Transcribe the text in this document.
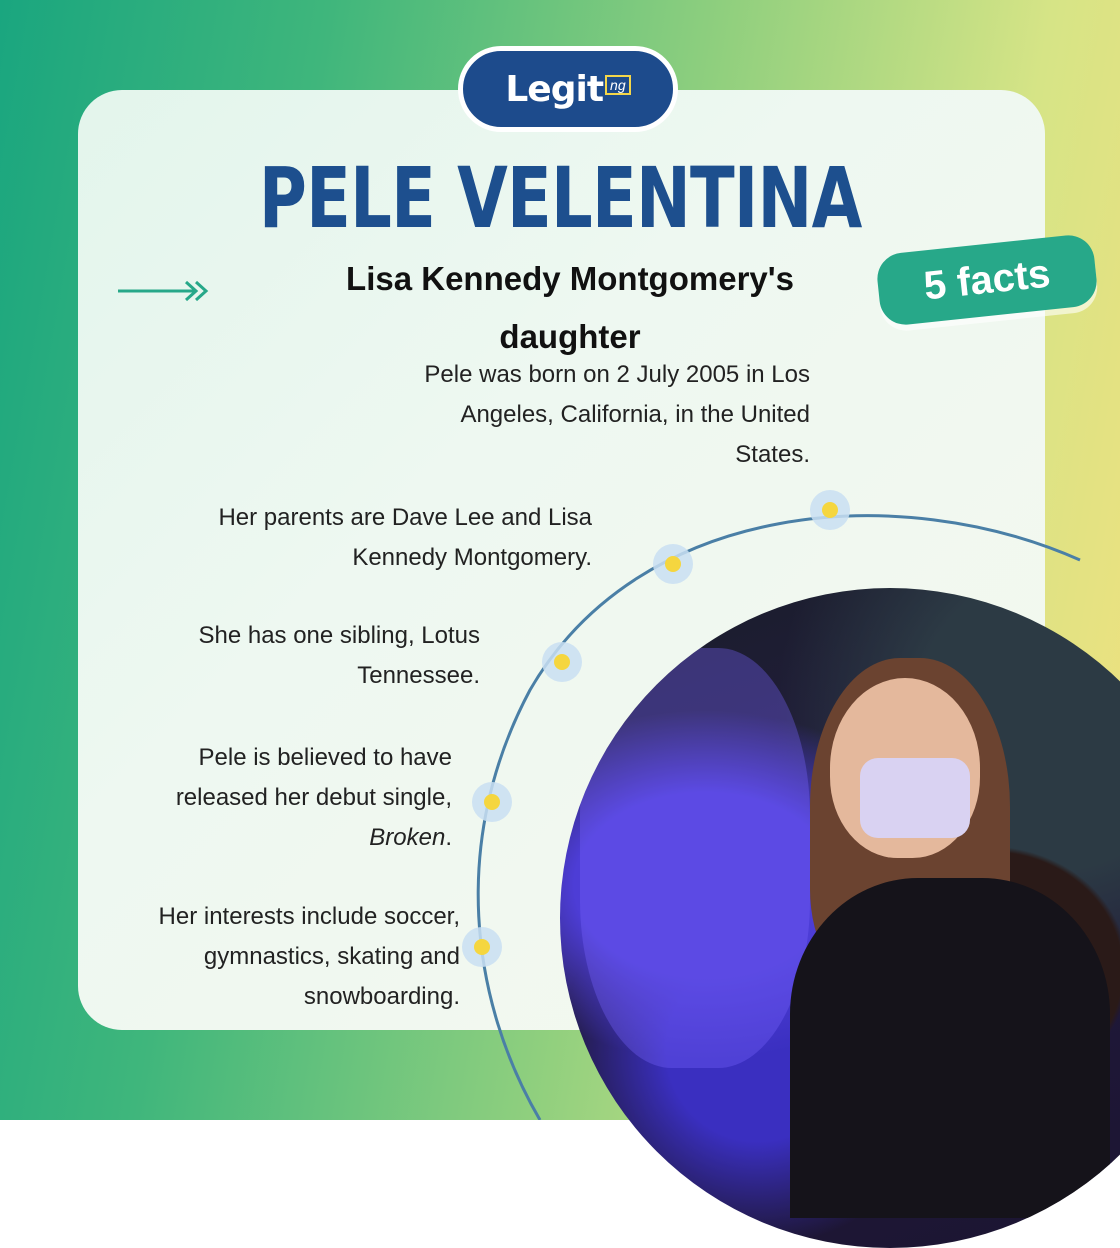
Legit ng
PELE VELENTINA
Lisa Kennedy Montgomery's daughter
5 facts
Pele was born on 2 July 2005 in Los Angeles, California, in the United States.
Her parents are Dave Lee and Lisa Kennedy Montgomery.
She has one sibling, Lotus Tennessee.
Pele is believed to have released her debut single, Broken.
Her interests include soccer, gymnastics, skating and snowboarding.
